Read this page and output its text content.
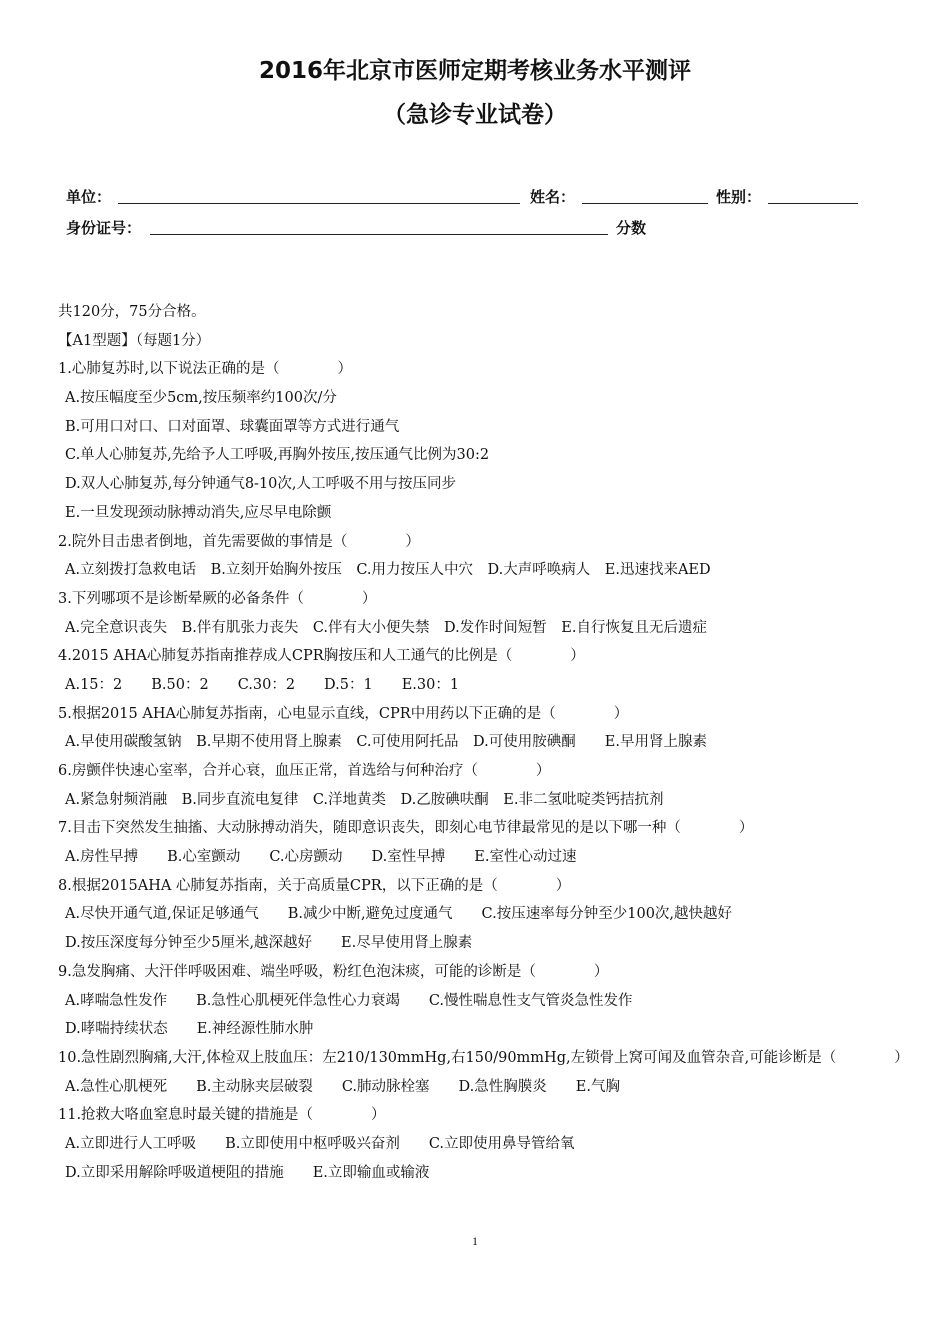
2016年北京市医师定期考核业务水平测评
（急诊专业试卷）
单位：	姓名：	性别：
身份证号：	分数
共120分，75分合格。
【A1型题】（每题1分）
1.心肺复苏时,以下说法正确的是（　　　　）
A.按压幅度至少5cm,按压频率约100次/分
B.可用口对口、口对面罩、球囊面罩等方式进行通气
C.单人心肺复苏,先给予人工呼吸,再胸外按压,按压通气比例为30:2
D.双人心肺复苏,每分钟通气8-10次,人工呼吸不用与按压同步
E.一旦发现颈动脉搏动消失,应尽早电除颤
2.院外目击患者倒地，首先需要做的事情是（　　　　）
A.立刻拨打急救电话　B.立刻开始胸外按压　C.用力按压人中穴　D.大声呼唤病人　E.迅速找来AED
3.下列哪项不是诊断晕厥的必备条件（　　　　）
A.完全意识丧失　B.伴有肌张力丧失　C.伴有大小便失禁　D.发作时间短暂　E.自行恢复且无后遗症
4.2015 AHA心肺复苏指南推荐成人CPR胸按压和人工通气的比例是（　　　　）
A.15：2　　B.50：2　　C.30：2　　D.5：1　　E.30：1
5.根据2015 AHA心肺复苏指南，心电显示直线，CPR中用药以下正确的是（　　　　）
A.早使用碳酸氢钠　B.早期不使用肾上腺素　C.可使用阿托品　D.可使用胺碘酮　　E.早用肾上腺素
6.房颤伴快速心室率，合并心衰，血压正常，首选给与何种治疗（　　　　）
A.紧急射频消融　B.同步直流电复律　C.洋地黄类　D.乙胺碘呋酮　E.非二氢吡啶类钙拮抗剂
7.目击下突然发生抽搐、大动脉搏动消失，随即意识丧失，即刻心电节律最常见的是以下哪一种（　　　　）
A.房性早搏　　B.心室颤动　　C.心房颤动　　D.室性早搏　　E.室性心动过速
8.根据2015AHA 心肺复苏指南，关于高质量CPR，以下正确的是（　　　　）
A.尽快开通气道,保证足够通气　　B.减少中断,避免过度通气　　C.按压速率每分钟至少100次,越快越好
D.按压深度每分钟至少5厘米,越深越好　　E.尽早使用肾上腺素
9.急发胸痛、大汗伴呼吸困难、端坐呼吸，粉红色泡沫痰，可能的诊断是（　　　　）
A.哮喘急性发作　　B.急性心肌梗死伴急性心力衰竭　　C.慢性喘息性支气管炎急性发作
D.哮喘持续状态　　E.神经源性肺水肿
10.急性剧烈胸痛,大汗,体检双上肢血压：左210/130mmHg,右150/90mmHg,左锁骨上窝可闻及血管杂音,可能诊断是（　　　　）
A.急性心肌梗死　　B.主动脉夹层破裂　　C.肺动脉栓塞　　D.急性胸膜炎　　E.气胸
11.抢救大咯血窒息时最关键的措施是（　　　　）
A.立即进行人工呼吸　　B.立即使用中枢呼吸兴奋剂　　C.立即使用鼻导管给氧
D.立即采用解除呼吸道梗阻的措施　　E.立即输血或输液
1
